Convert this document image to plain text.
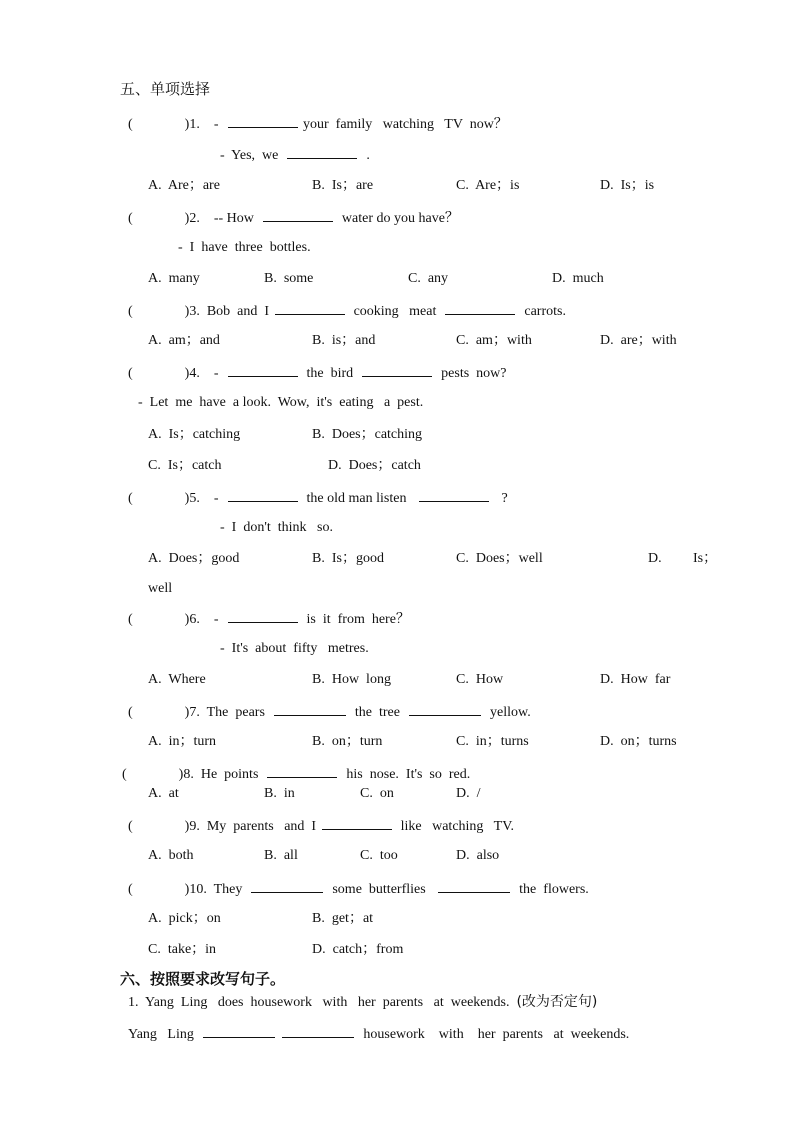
五、单项选择
(	)1. -	your  family   watching   TV  now？
-  Yes,  we	.
A.  Are；are	B.  Is；are	C.  Are；is	D.  Is；is
(	)2. -- How	water do you have？
-  I  have  three  bottles.
A.  many	B.  some	C.  any	D.  much
(	)3. Bob  and  I	cooking   meat	carrots.
A.  am；and	B.  is；and	C.  am；with	D.  are；with
(	)4. -	the  bird	pests  now?
-  Let  me  have  a look.  Wow,  it's  eating   a  pest.
A.  Is；catching	B.  Does；catching
C.  Is；catch	D.  Does；catch
(	)5. -	the old man listen	?
-  I  don't  think   so.
A.  Does；good	B.  Is；good	C.  Does；well	D. Is；
well
(	)6. -	is  it  from  here？
-  It's  about  fifty   metres.
A.  Where	B.  How  long	C.  How	D.  How  far
(	)7. The  pears	the  tree	yellow.
A.  in；turn	B.  on；turn	C.  in；turns	D.  on；turns
(	)8. He  points	his  nose.  It's  so  red.
A.  at	B.  in	C.  on	D.  /
(	)9. My  parents   and  I	like   watching   TV.
A.  both	B.  all	C.  too	D.  also
(	)10. They	some  butterflies	the  flowers.
A.  pick；on	B.  get；at
C.  take；in	D.  catch；from
六、按照要求改写句子。
1.  Yang  Ling   does  housework   with   her  parents   at  weekends. (改为否定句)
Yang   Ling	housework    with    her  parents   at  weekends.
